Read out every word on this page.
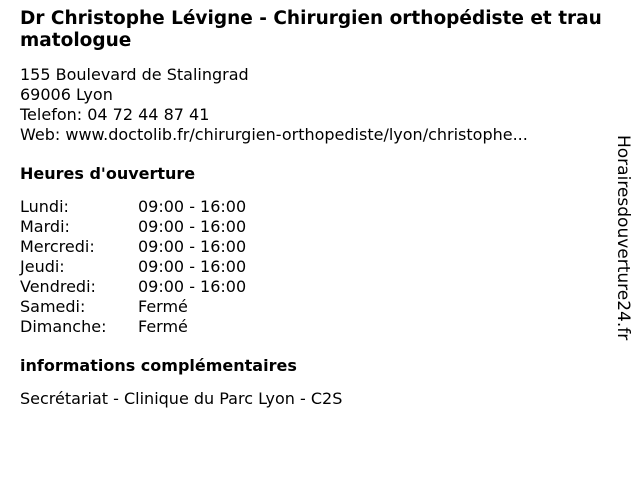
Dr Christophe Lévigne - Chirurgien orthopédiste et traumatologue
155 Boulevard de Stalingrad
69006 Lyon
Telefon: 04 72 44 87 41
Web: www.doctolib.fr/chirurgien-orthopediste/lyon/christophe...
Heures d'ouverture
Lundi:	09:00 - 16:00
Mardi:	09:00 - 16:00
Mercredi:	09:00 - 16:00
Jeudi:	09:00 - 16:00
Vendredi:	09:00 - 16:00
Samedi:	Fermé
Dimanche:	Fermé
informations complémentaires
Secrétariat - Clinique du Parc Lyon - C2S
Horairesdouverture24.fr
